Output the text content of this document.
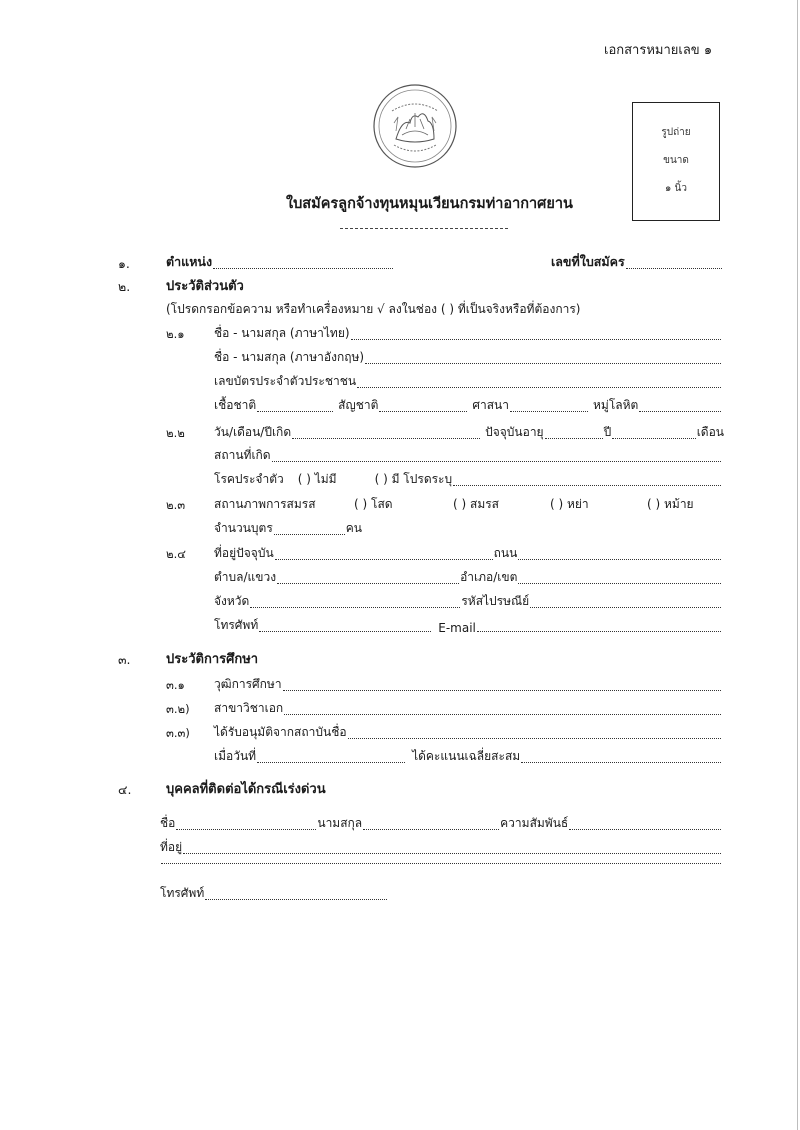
เอกสารหมายเลข ๑
รูปถ่าย
ขนาด
๑ นิ้ว
ใบสมัครลูกจ้างทุนหมุนเวียนกรมท่าอากาศยาน
๑.	ตำแหน่ง	เลขที่ใบสมัคร
๒.	ประวัติส่วนตัว
(โปรดกรอกข้อความ หรือทำเครื่องหมาย √ ลงในช่อง ( ) ที่เป็นจริงหรือที่ต้องการ)
๒.๑ ชื่อ - นามสกุล (ภาษาไทย)
ชื่อ - นามสกุล (ภาษาอังกฤษ)
เลขบัตรประจำตัวประชาชน
เชื้อชาติ	สัญชาติ	ศาสนา	หมู่โลหิต
๒.๒ วัน/เดือน/ปีเกิด	ปัจจุบันอายุ	ปี	เดือน
สถานที่เกิด
โรคประจำตัว ( ) ไม่มี	( ) มี โปรดระบุ
๒.๓ สถานภาพการสมรส	( ) โสด	( ) สมรส	( ) หย่า	( ) หม้าย
จำนวนบุตร	คน
๒.๔ ที่อยู่ปัจจุบัน	ถนน
ตำบล/แขวง	อำเภอ/เขต
จังหวัด	รหัสไปรษณีย์
โทรศัพท์	E-mail
๓.	ประวัติการศึกษา
๓.๑ วุฒิการศึกษา
๓.๒) สาขาวิชาเอก
๓.๓) ได้รับอนุมัติจากสถาบันชื่อ
เมื่อวันที่	ได้คะแนนเฉลี่ยสะสม
๔.	บุคคลที่ติดต่อได้กรณีเร่งด่วน
ชื่อ	นามสกุล	ความสัมพันธ์
ที่อยู่
โทรศัพท์
